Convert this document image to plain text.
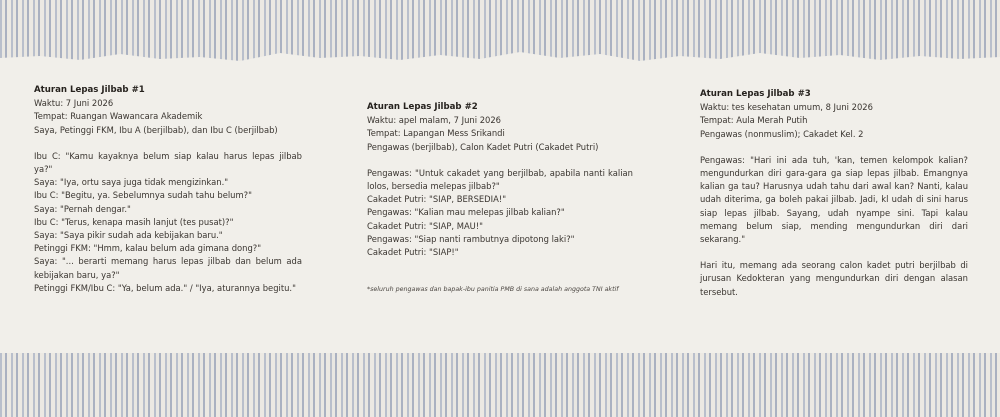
Aturan Lepas Jilbab #1

Waktu: 7 Juni 2026

Tempat: Ruangan Wawancara Akademik

Saya, Petinggi FKM, Ibu A (berjilbab), dan Ibu C (berjilbab)

Ibu C: "Kamu kayaknya belum siap kalau harus lepas jilbab ya?"

Saya: "Iya, ortu saya juga tidak mengizinkan."

Ibu C: "Begitu, ya. Sebelumnya sudah tahu belum?"

Saya: "Pernah dengar."

Ibu C: "Terus, kenapa masih lanjut (tes pusat)?"

Saya: "Saya pikir sudah ada kebijakan baru."

Petinggi FKM: "Hmm, kalau belum ada gimana dong?"

Saya: "... berarti memang harus lepas jilbab dan belum ada kebijakan baru, ya?"

Petinggi FKM/Ibu C: "Ya, belum ada." / "Iya, aturannya begitu."

Aturan Lepas Jilbab #2

Waktu: apel malam, 7 Juni 2026

Tempat: Lapangan Mess Srikandi

Pengawas (berjilbab), Calon Kadet Putri (Cakadet Putri)

Pengawas: "Untuk cakadet yang berjilbab, apabila nanti kalian lolos, bersedia melepas jilbab?"

Cakadet Putri: "SIAP, BERSEDIA!"

Pengawas: "Kalian mau melepas jilbab kalian?"

Cakadet Putri: "SIAP, MAU!"

Pengawas: "Siap nanti rambutnya dipotong laki?"

Cakadet Putri: "SIAP!"

*seluruh pengawas dan bapak-ibu panitia PMB di sana adalah anggota TNI aktif

Aturan Lepas Jilbab #3

Waktu: tes kesehatan umum, 8 Juni 2026

Tempat: Aula Merah Putih

Pengawas (nonmuslim); Cakadet Kel. 2

Pengawas: "Hari ini ada tuh, 'kan, temen kelompok kalian? mengundurkan diri gara-gara ga siap lepas jilbab. Emangnya kalian ga tau? Harusnya udah tahu dari awal kan? Nanti, kalau udah diterima, ga boleh pakai jilbab. Jadi, kl udah di sini harus siap lepas jilbab. Sayang, udah nyampe sini. Tapi kalau memang belum siap, mending mengundurkan diri dari sekarang."

Hari itu, memang ada seorang calon kadet putri berjilbab di jurusan Kedokteran yang mengundurkan diri dengan alasan tersebut.
